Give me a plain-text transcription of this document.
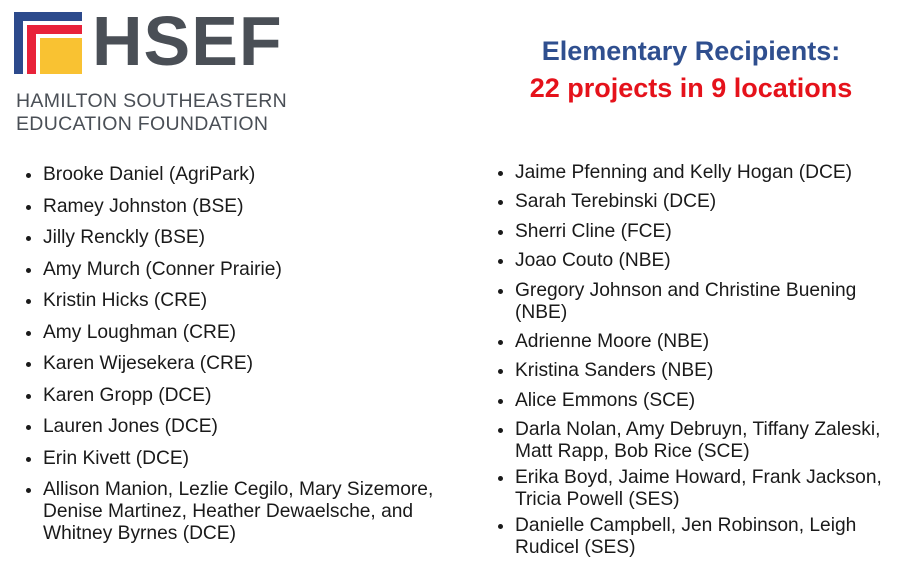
HSEF
HAMILTON SOUTHEASTERN
EDUCATION FOUNDATION
Elementary Recipients:
22 projects in 9 locations
Brooke Daniel (AgriPark)
Ramey Johnston (BSE)
Jilly Renckly (BSE)
Amy Murch (Conner Prairie)
Kristin Hicks (CRE)
Amy Loughman (CRE)
Karen Wijesekera (CRE)
Karen Gropp (DCE)
Lauren Jones (DCE)
Erin Kivett (DCE)
Allison Manion, Lezlie Cegilo, Mary Sizemore, Denise Martinez, Heather Dewaelsche, and Whitney Byrnes (DCE)
Jaime Pfenning and Kelly Hogan (DCE)
Sarah Terebinski (DCE)
Sherri Cline (FCE)
Joao Couto (NBE)
Gregory Johnson and Christine Buening (NBE)
Adrienne Moore (NBE)
Kristina Sanders (NBE)
Alice Emmons (SCE)
Darla Nolan, Amy Debruyn, Tiffany Zaleski, Matt Rapp, Bob Rice (SCE)
Erika Boyd, Jaime Howard, Frank Jackson, Tricia Powell (SES)
Danielle Campbell, Jen Robinson, Leigh Rudicel (SES)
